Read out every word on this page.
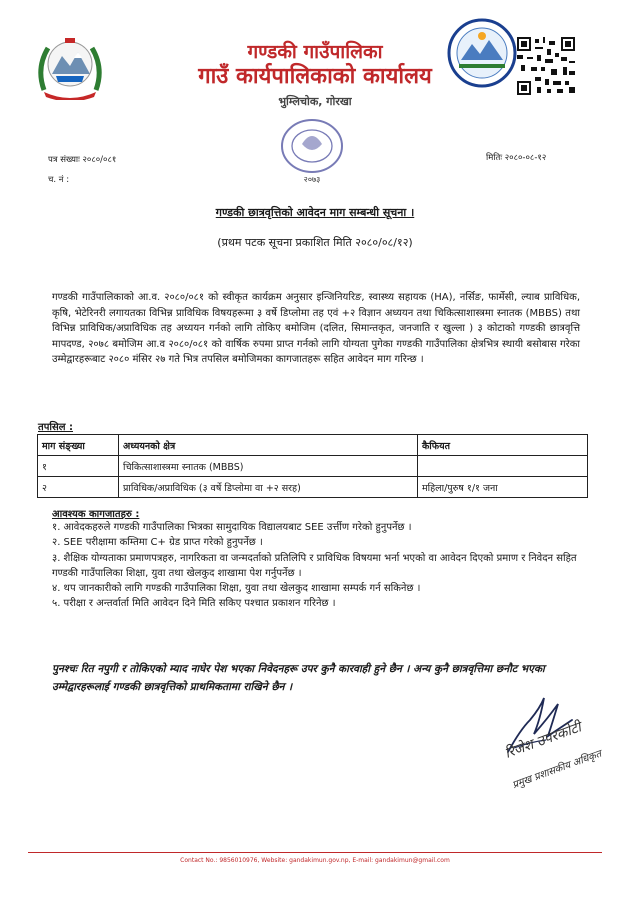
गण्डकी गाउँपालिका
गाउँ कार्यपालिकाको कार्यालय
भुम्लिचोक, गोरखा
२०७३
पत्र संख्याः २०८०/०८१
च. नं :
मितिः २०८०-०८-१२
गण्डकी छात्रवृत्तिको आवेदन माग सम्बन्धी सूचना ।
(प्रथम पटक सूचना प्रकाशित मिति २०८०/०८/१२)
गण्डकी गाउँपालिकाको आ.व. २०८०/०८१ को स्वीकृत कार्यक्रम अनुसार इन्जिनियरिङ, स्वास्थ्य सहायक (HA), नर्सिङ, फार्मेसी, ल्याब प्राविधिक, कृषि, भेटेरिनरी लगायतका विभिन्न प्राविधिक विषयहरूमा ३ वर्षे डिप्लोमा तह एवं +२ विज्ञान अध्ययन तथा चिकित्साशास्त्रमा स्नातक (MBBS) तथा विभिन्न प्राविधिक/अप्राविधिक तह अध्ययन गर्नको लागि तोकिए बमोजिम (दलित, सिमान्तकृत, जनजाति र खुल्ला ) ३ कोटाको गण्डकी छात्रवृत्ति मापदण्ड, २०७८ बमोजिम आ.व २०८०/०८१ को वार्षिक रुपमा प्राप्त गर्नको लागि योग्यता पुगेका गण्डकी गाउँपालिका क्षेत्रभित्र स्थायी बसोबास गरेका उम्मेद्वारहरूबाट २०८० मंसिर २७ गते भित्र तपसिल बमोजिमका कागजातहरू सहित आवेदन माग गरिन्छ ।
तपसिल :
माग संङ्ख्या	अध्ययनको क्षेत्र	कैफियत
१	चिकित्साशास्त्रमा स्नातक (MBBS)	
२	प्राविधिक/अप्राविधिक (३ वर्षे डिप्लोमा वा +२ सरह)	महिला/पुरुष १/१ जना
आवश्यक कागजातहरु :
१. आवेदकहरुले गण्डकी गाउँपालिका भित्रका सामुदायिक विद्यालयबाट SEE उर्त्तीण गरेको हुनुपर्नेछ ।
२. SEE परीक्षामा कम्तिमा C+ ग्रेड प्राप्त गरेको हुनुपर्नेछ ।
३. शैक्षिक योग्यताका प्रमाणपत्रहरु, नागरिकता वा जन्मदर्ताको प्रतिलिपि र प्राविधिक विषयमा भर्ना भएको वा आवेदन दिएको प्रमाण र निवेदन सहित गण्डकी गाउँपालिका शिक्षा, युवा तथा खेलकुद शाखामा पेश गर्नुपर्नेछ ।
४. थप जानकारीको लागि गण्डकी गाउँपालिका शिक्षा, युवा तथा खेलकुद शाखामा सम्पर्क गर्न सकिनेछ ।
५. परीक्षा र अन्तर्वार्ता मिति आवेदन दिने मिति सकिए पश्चात प्रकाशन गरिनेछ ।
पुनश्चः रित नपुगी र तोकिएको म्याद नाघेर पेश भएका निवेदनहरू उपर कुनै कारवाही हुने छैन । अन्य कुनै छात्रवृत्तिमा छनौट भएका उम्मेद्वारहरूलाई गण्डकी छात्रवृत्तिको प्राथमिकतामा राखिने छैन ।
रिजेश उपरकोटी
प्रमुख प्रशासकीय अधिकृत
Contact No.: 9856010976, Website: gandakimun.gov.np, E-mail: gandakimun@gmail.com
